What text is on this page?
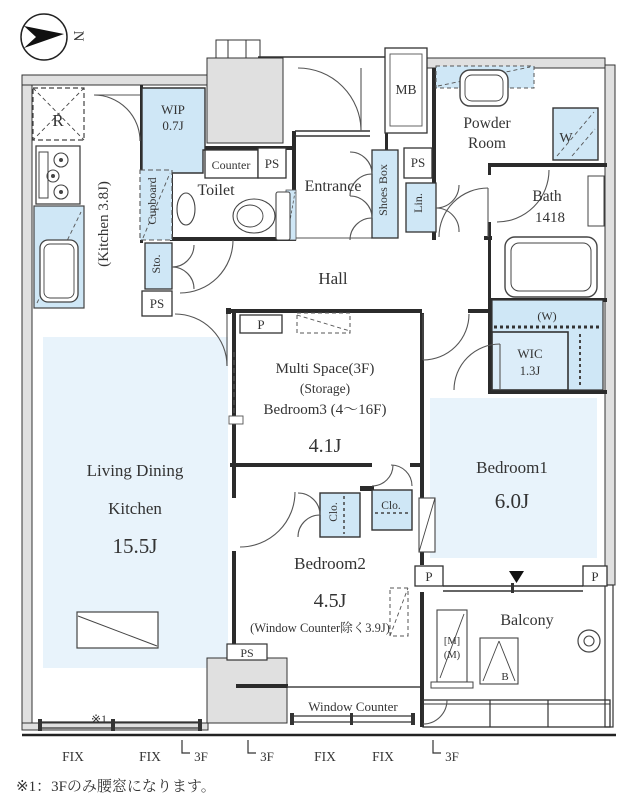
N
R
WIP
0.7J
(Kitchen 3.8J)	Cupboard
Counter PS
Toilet	Entrance Shoes Box Lin.
PS
MB
Powder
Room	W
Bath
1418
Hall
Sto.
PS
(W)
WIC
1.3J
P
Multi Space(3F)
(Storage)
Bedroom3 (4～16F)
4.1J
Bedroom1
6.0J
Living Dining
Kitchen
15.5J
Bedroom2
4.5J
(Window Counter除く3.9J)
Clo.	Clo.
P	P
Balcony
[M]
(M)
B
PS
Window Counter
※1
FIX	FIX	3F	3F	FIX	FIX	3F
※1：3Fのみ腰窓になります。
